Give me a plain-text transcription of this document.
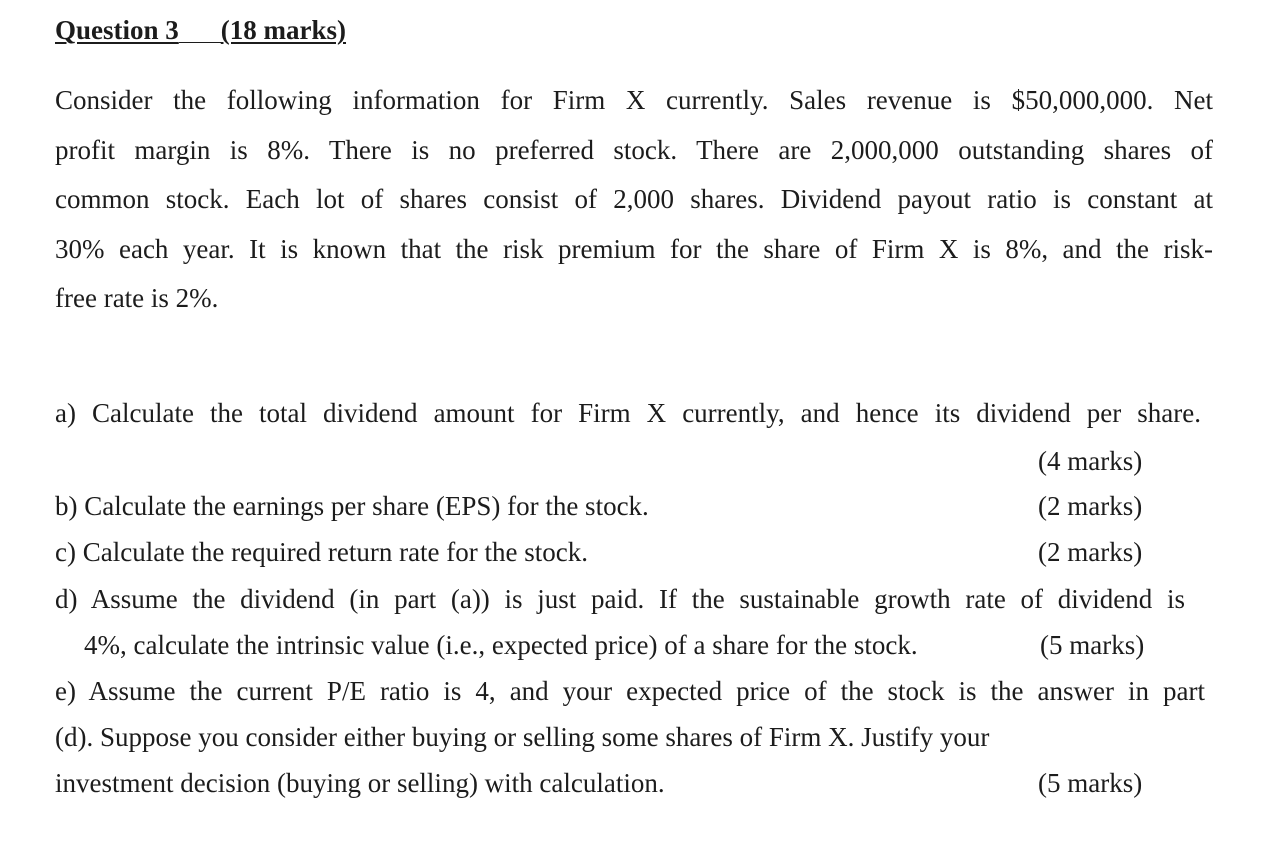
Question 3 (18 marks)
Consider the following information for Firm X currently. Sales revenue is $50,000,000. Net
profit margin is 8%. There is no preferred stock. There are 2,000,000 outstanding shares of
common stock. Each lot of shares consist of 2,000 shares. Dividend payout ratio is constant at
30% each year. It is known that the risk premium for the share of Firm X is 8%, and the risk-
free rate is 2%.
a) Calculate the total dividend amount for Firm X currently, and hence its dividend per share.
(4 marks)
b) Calculate the earnings per share (EPS) for the stock.	(2 marks)
c) Calculate the required return rate for the stock.	(2 marks)
d) Assume the dividend (in part (a)) is just paid. If the sustainable growth rate of dividend is
4%, calculate the intrinsic value (i.e., expected price) of a share for the stock.	(5 marks)
e) Assume the current P/E ratio is 4, and your expected price of the stock is the answer in part
(d). Suppose you consider either buying or selling some shares of Firm X. Justify your
investment decision (buying or selling) with calculation.	(5 marks)
